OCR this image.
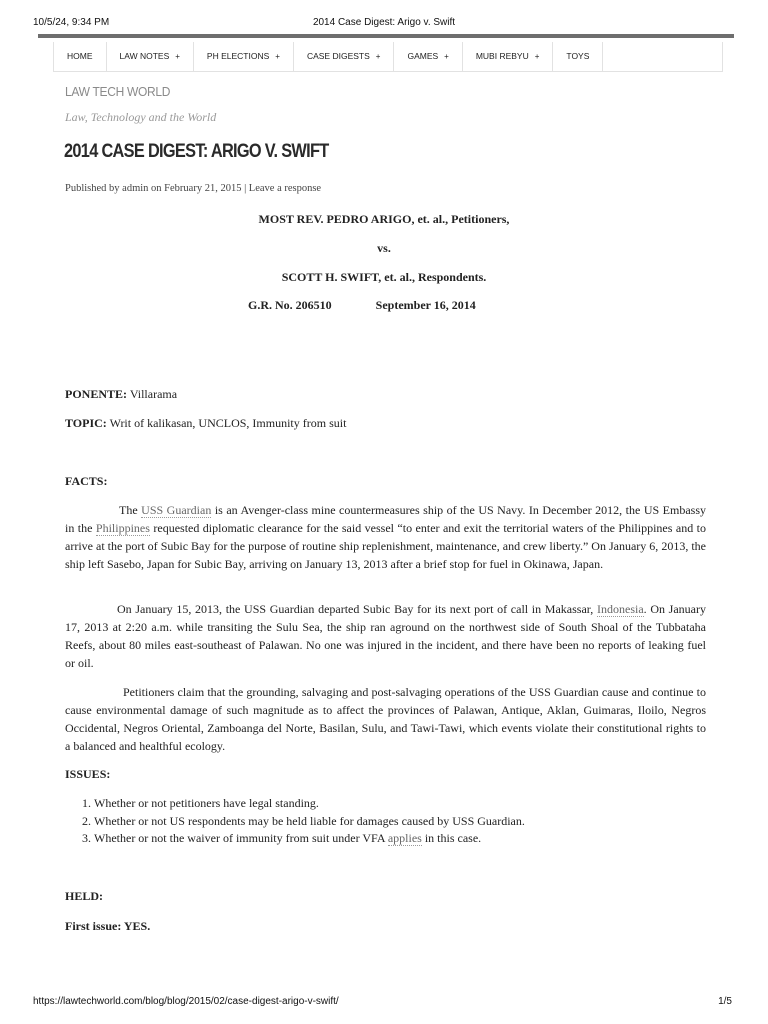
10/5/24, 9:34 PM	2014 Case Digest: Arigo v. Swift
HOME	LAW NOTES +	PH ELECTIONS +	CASE DIGESTS +	GAMES +	MUBI REBYU +	TOYS
LAW TECH WORLD
Law, Technology and the World
2014 CASE DIGEST: ARIGO V. SWIFT
Published by admin on February 21, 2015 | Leave a response
MOST REV. PEDRO ARIGO, et. al., Petitioners,
vs.
SCOTT H. SWIFT, et. al., Respondents.
G.R. No. 206510	September 16, 2014
PONENTE: Villarama
TOPIC: Writ of kalikasan, UNCLOS, Immunity from suit
FACTS:
The USS Guardian is an Avenger-class mine countermeasures ship of the US Navy. In December 2012, the US Embassy in the Philippines requested diplomatic clearance for the said vessel “to enter and exit the territorial waters of the Philippines and to arrive at the port of Subic Bay for the purpose of routine ship replenishment, maintenance, and crew liberty.” On January 6, 2013, the ship left Sasebo, Japan for Subic Bay, arriving on January 13, 2013 after a brief stop for fuel in Okinawa, Japan.
On January 15, 2013, the USS Guardian departed Subic Bay for its next port of call in Makassar, Indonesia. On January 17, 2013 at 2:20 a.m. while transiting the Sulu Sea, the ship ran aground on the northwest side of South Shoal of the Tubbataha Reefs, about 80 miles east-southeast of Palawan. No one was injured in the incident, and there have been no reports of leaking fuel or oil.
Petitioners claim that the grounding, salvaging and post-salvaging operations of the USS Guardian cause and continue to cause environmental damage of such magnitude as to affect the provinces of Palawan, Antique, Aklan, Guimaras, Iloilo, Negros Occidental, Negros Oriental, Zamboanga del Norte, Basilan, Sulu, and Tawi-Tawi, which events violate their constitutional rights to a balanced and healthful ecology.
ISSUES:
1. Whether or not petitioners have legal standing.
2. Whether or not US respondents may be held liable for damages caused by USS Guardian.
3. Whether or not the waiver of immunity from suit under VFA applies in this case.
HELD:
First issue: YES.
https://lawtechworld.com/blog/blog/2015/02/case-digest-arigo-v-swift/	1/5
